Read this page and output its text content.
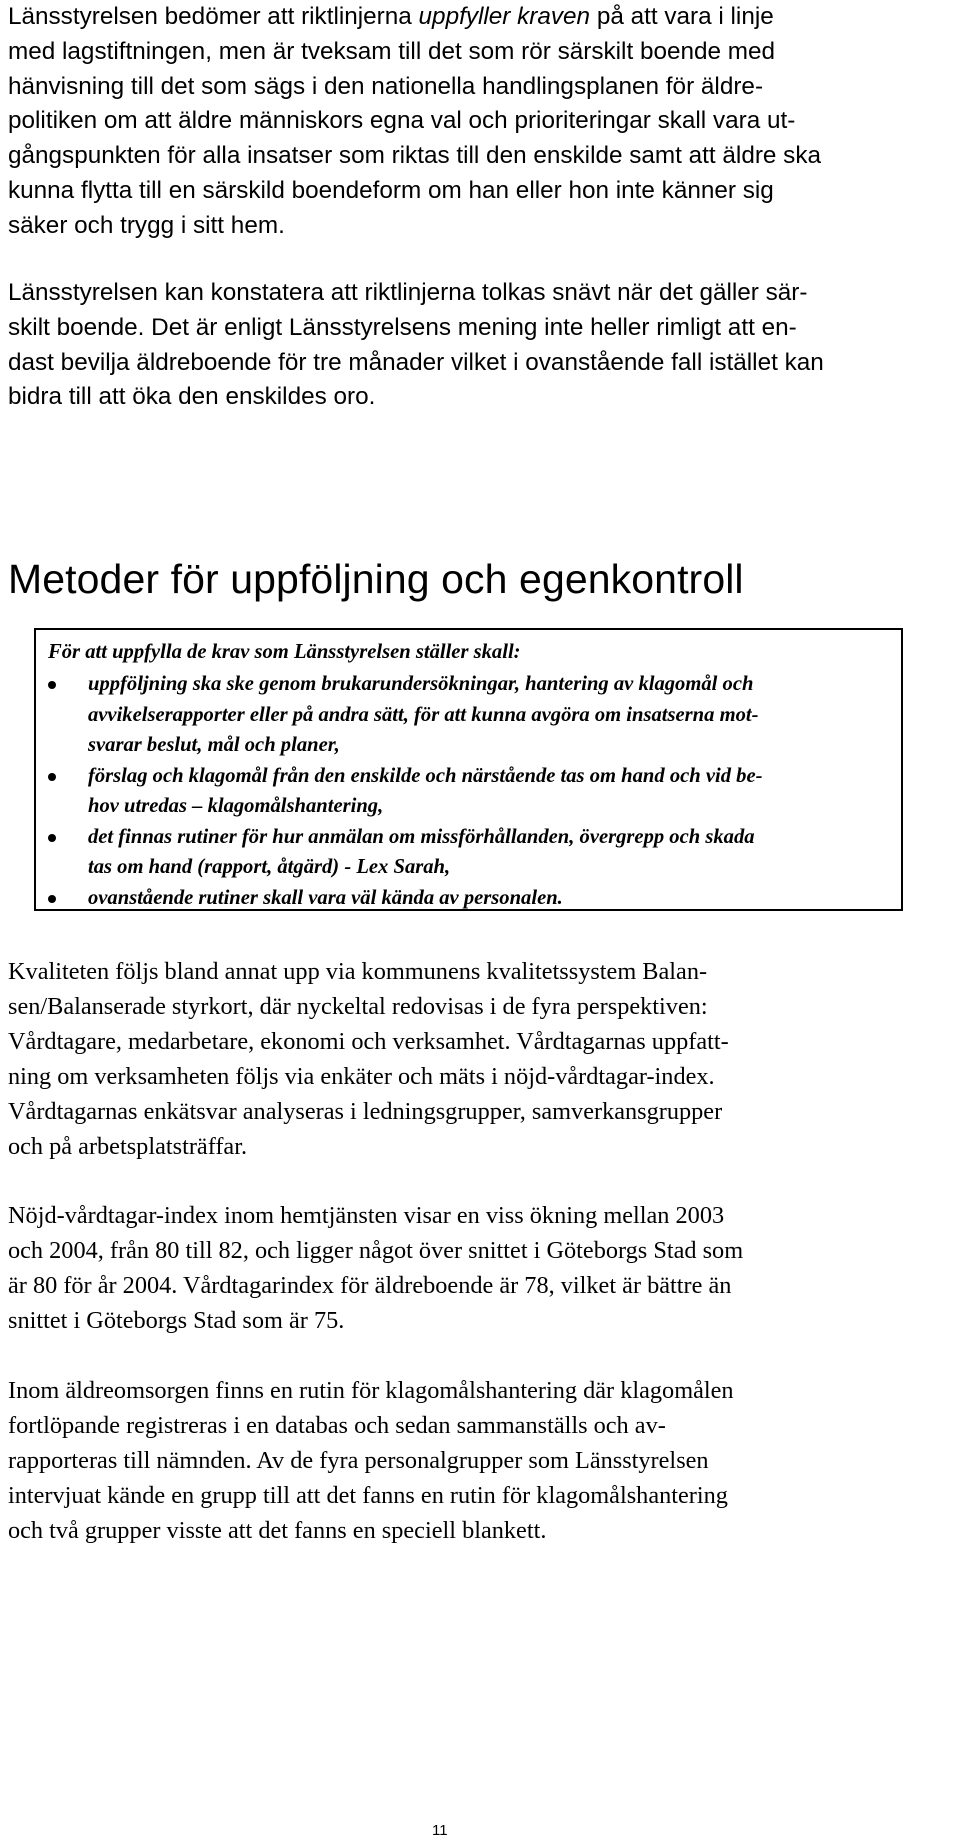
Länsstyrelsen bedömer att riktlinjerna uppfyller kraven på att vara i linje
med lagstiftningen, men är tveksam till det som rör särskilt boende med
hänvisning till det som sägs i den nationella handlingsplanen för äldre-
politiken om att äldre människors egna val och prioriteringar skall vara ut-
gångspunkten för alla insatser som riktas till den enskilde samt att äldre ska
kunna flytta till en särskild boendeform om han eller hon inte känner sig
säker och trygg i sitt hem.

Länsstyrelsen kan konstatera att riktlinjerna tolkas snävt när det gäller sär-
skilt boende. Det är enligt Länsstyrelsens mening inte heller rimligt att en-
dast bevilja äldreboende för tre månader vilket i ovanstående fall istället kan
bidra till att öka den enskildes oro.

Metoder för uppföljning och egenkontroll
För att uppfylla de krav som Länsstyrelsen ställer skall:
uppföljning ska ske genom brukarundersökningar, hantering av klagomål och
avvikelserapporter eller på andra sätt, för att kunna avgöra om insatserna mot-
svarar beslut, mål och planer,
förslag och klagomål från den enskilde och närstående tas om hand och vid be-
hov utredas – klagomålshantering,
det finnas rutiner för hur anmälan om missförhållanden, övergrepp och skada
tas om hand (rapport, åtgärd) - Lex Sarah,
ovanstående rutiner skall vara väl kända av personalen.

Kvaliteten följs bland annat upp via kommunens kvalitetssystem Balan-
sen/Balanserade styrkort, där nyckeltal redovisas i de fyra perspektiven:
Vårdtagare, medarbetare, ekonomi och verksamhet. Vårdtagarnas uppfatt-
ning om verksamheten följs via enkäter och mäts i nöjd-vårdtagar-index.
Vårdtagarnas enkätsvar analyseras i ledningsgrupper, samverkansgrupper
och på arbetsplatsträffar.

Nöjd-vårdtagar-index inom hemtjänsten visar en viss ökning mellan 2003
och 2004, från 80 till 82, och ligger något över snittet i Göteborgs Stad som
är 80 för år 2004. Vårdtagarindex för äldreboende är 78, vilket är bättre än
snittet i Göteborgs Stad som är 75.

Inom äldreomsorgen finns en rutin för klagomålshantering där klagomålen
fortlöpande registreras i en databas och sedan sammanställs och av-
rapporteras till nämnden. Av de fyra personalgrupper som Länsstyrelsen
intervjuat kände en grupp till att det fanns en rutin för klagomålshantering
och två grupper visste att det fanns en speciell blankett.

11
